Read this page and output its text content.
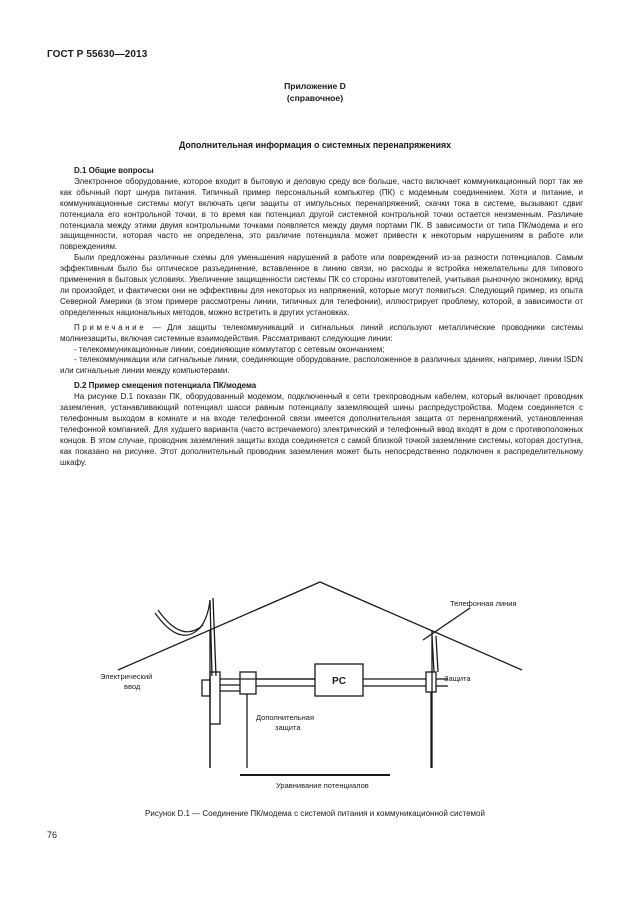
ГОСТ Р 55630—2013
Приложение D
(справочное)
Дополнительная информация о системных перенапряжениях
D.1 Общие вопросы

Электронное оборудование, которое входит в бытовую и деловую среду все больше, часто включает коммуникационный порт так же как обычный порт шнура питания. Типичный пример персональный компьютер (ПК) с модемным соединением. Хотя и питание, и коммуникационные системы могут включать цепи защиты от импульсных перенапряжений, скачки тока в системе, вызывают сдвиг потенциала его контрольной точки, в то время как потенциал другой системной контрольной точки остается неизменным. Различие потенциала между этими двумя контрольными точками появляется между двумя портами ПК. В зависимости от типа ПК/модема и его защищенности, которая часто не определена, это различие потенциала может привести к некоторым нарушениям в работе или повреждениям.

Были предложены различные схемы для уменьшения нарушений в работе или повреждений из-за разности потенциалов. Самым эффективным было бы оптическое разъединение, вставленное в линию связи, но расходы и встройка нежелательны для типового применения в бытовых условиях. Увеличение защищенности системы ПК со стороны изготовителей, учитывая рыночную экономику, вряд ли произойдет, и фактически они не эффективны для некоторых из напряжений, которые могут появиться. Следующий пример, из опыта Северной Америки (в этом примере рассмотрены линии, типичных для телефонии), иллюстрирует проблему, которой, в зависимости от определенных национальных методов, можно встретить в других установках.

Примечание — Для защиты телекоммуникаций и сигнальных линий используют металлические проводники системы молниезащиты, включая системные взаимодействия. Рассматривают следующие линии:

- телекоммуникационные линии, соединяющие коммутатор с сетевым окончанием;

- телекоммуникации или сигнальные линии, соединяющие оборудование, расположенное в различных зданиях, например, линии ISDN или сигнальные линии между компьютерами.

D.2 Пример смещения потенциала ПК/модема

На рисунке D.1 показан ПК, оборудованный модемом, подключенный к сети трехпроводным кабелем, который включает проводник заземления, устанавливающий потенциал шасси равным потенциалу заземляющей шины распредустройства. Модем соединяется с телефонным выходом в комнате и на входе телефонной связи имеется дополнительная защита от перенапряжений, установленная телефонной компанией. Для худшего варианта (часто встречаемого) электрический и телефонный ввод входят в дом с противоположных концов. В этом случае, проводник заземления защиты входа соединяется с самой близкой точкой заземление системы, которая доступна, как показано на рисунке. Этот дополнительный проводник заземления может быть непосредственно подключен к распределительному шкафу.

PC
Телефонная линия
Электрический
ввод
Защита
Дополнительная
защита
Уравнивание потенциалов
Рисунок D.1 — Соединение ПК/модема с системой питания и коммуникационной системой
76
